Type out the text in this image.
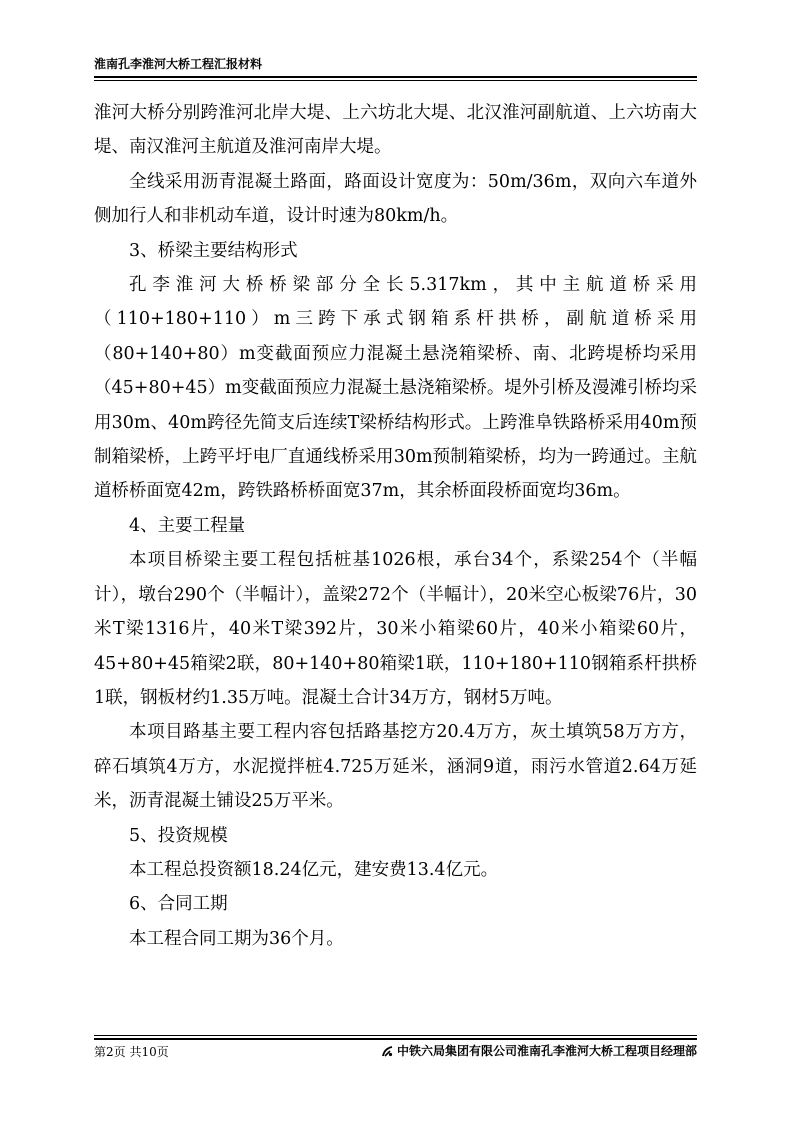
淮南孔李淮河大桥工程汇报材料

淮河大桥分别跨淮河北岸大堤、上六坊北大堤、北汉淮河副航道、上六坊南大堤、南汉淮河主航道及淮河南岸大堤。

全线采用沥青混凝土路面，路面设计宽度为：50m/36m，双向六车道外侧加行人和非机动车道，设计时速为80km/h。

3、桥梁主要结构形式

孔李淮河大桥桥梁部分全长5.317km，其中主航道桥采用（110+180+110）m三跨下承式钢箱系杆拱桥，副航道桥采用（80+140+80）m变截面预应力混凝土悬浇箱梁桥、南、北跨堤桥均采用（45+80+45）m变截面预应力混凝土悬浇箱梁桥。堤外引桥及漫滩引桥均采用30m、40m跨径先简支后连续T梁桥结构形式。上跨淮阜铁路桥采用40m预制箱梁桥，上跨平圩电厂直通线桥采用30m预制箱梁桥，均为一跨通过。主航道桥桥面宽42m，跨铁路桥桥面宽37m，其余桥面段桥面宽均36m。

4、主要工程量

本项目桥梁主要工程包括桩基1026根，承台34个，系梁254个（半幅计），墩台290个（半幅计），盖梁272个（半幅计），20米空心板梁76片，30米T梁1316片，40米T梁392片，30米小箱梁60片，40米小箱梁60片，45+80+45箱梁2联，80+140+80箱梁1联，110+180+110钢箱系杆拱桥1联，钢板材约1.35万吨。混凝土合计34万方，钢材5万吨。

本项目路基主要工程内容包括路基挖方20.4万方，灰土填筑58万方方，碎石填筑4万方，水泥搅拌桩4.725万延米，涵洞9道，雨污水管道2.64万延米，沥青混凝土铺设25万平米。

5、投资规模

本工程总投资额18.24亿元，建安费13.4亿元。

6、合同工期

本工程合同工期为36个月。

第2页 共10页	中铁六局集团有限公司淮南孔李淮河大桥工程项目经理部
